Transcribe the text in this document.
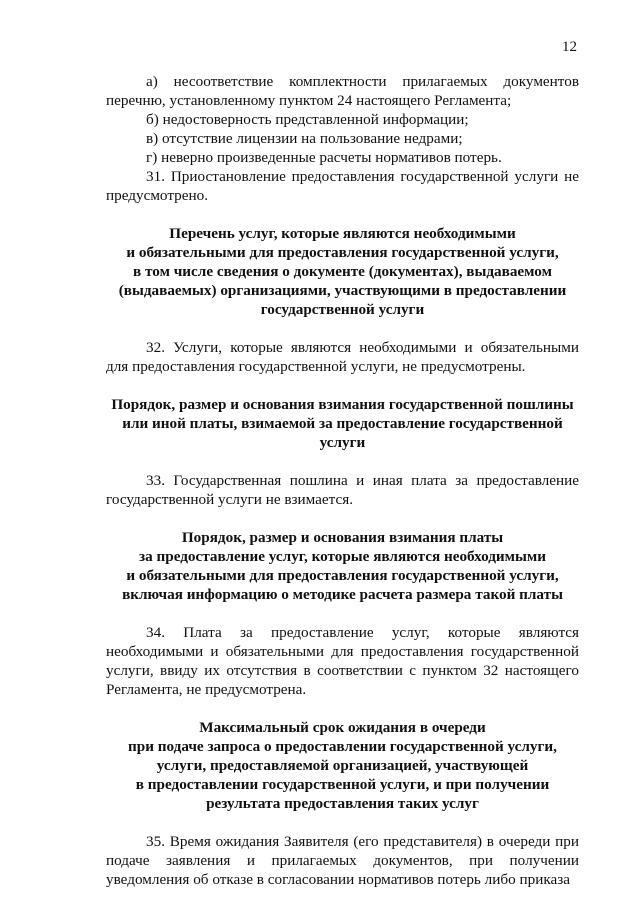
12

а) несоответствие комплектности прилагаемых документов перечню, установленному пунктом 24 настоящего Регламента;

б) недостоверность представленной информации;

в) отсутствие лицензии на пользование недрами;

г) неверно произведенные расчеты нормативов потерь.

31. Приостановление предоставления государственной услуги не предусмотрено.

Перечень услуг, которые являются необходимыми
и обязательными для предоставления государственной услуги,
в том числе сведения о документе (документах), выдаваемом
(выдаваемых) организациями, участвующими в предоставлении
государственной услуги

32. Услуги, которые являются необходимыми и обязательными для предоставления государственной услуги, не предусмотрены.

Порядок, размер и основания взимания государственной пошлины
или иной платы, взимаемой за предоставление государственной
услуги

33. Государственная пошлина и иная плата за предоставление государственной услуги не взимается.

Порядок, размер и основания взимания платы
за предоставление услуг, которые являются необходимыми
и обязательными для предоставления государственной услуги,
включая информацию о методике расчета размера такой платы

34. Плата за предоставление услуг, которые являются необходимыми и обязательными для предоставления государственной услуги, ввиду их отсутствия в соответствии с пунктом 32 настоящего Регламента, не предусмотрена.

Максимальный срок ожидания в очереди
при подаче запроса о предоставлении государственной услуги,
услуги, предоставляемой организацией, участвующей
в предоставлении государственной услуги, и при получении
результата предоставления таких услуг

35. Время ожидания Заявителя (его представителя) в очереди при подаче заявления и прилагаемых документов, при получении уведомления об отказе в согласовании нормативов потерь либо приказа
